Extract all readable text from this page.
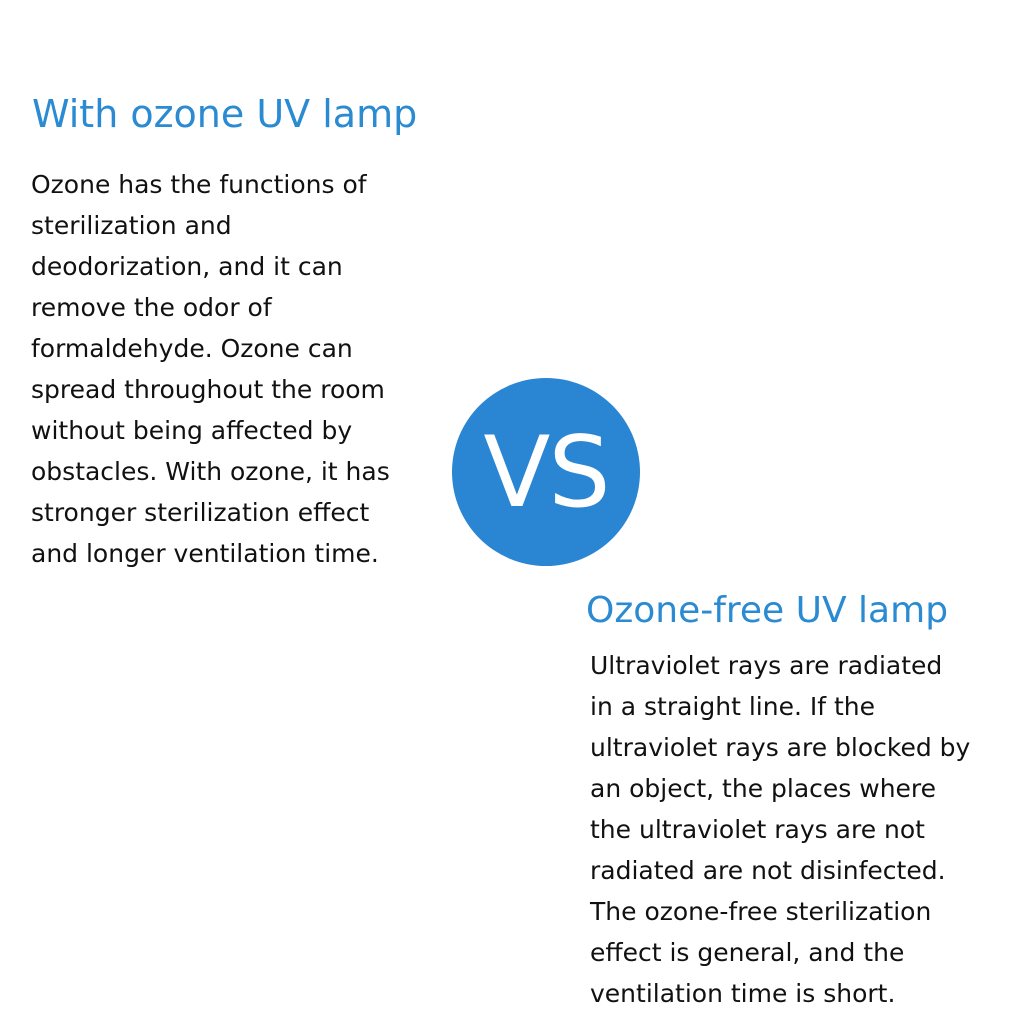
With ozone UV lamp

Ozone has the functions of
sterilization and
deodorization, and it can
remove the odor of
formaldehyde. Ozone can
spread throughout the room
without being affected by
obstacles. With ozone, it has
stronger sterilization effect
and longer ventilation time.

VS
Ozone-free UV lamp

Ultraviolet rays are radiated
in a straight line. If the
ultraviolet rays are blocked by
an object, the places where
the ultraviolet rays are not
radiated are not disinfected.
The ozone-free sterilization
effect is general, and the
ventilation time is short.
